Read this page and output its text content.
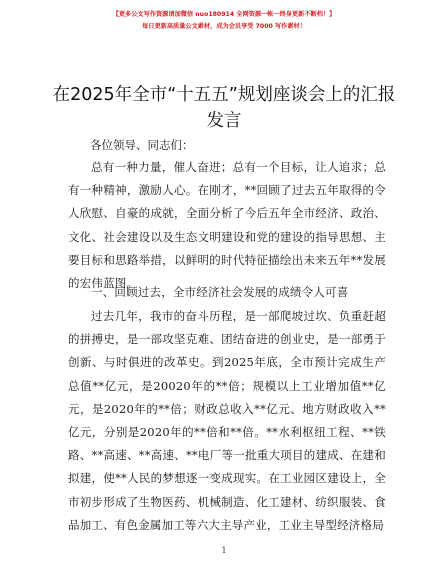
【更多公文写作资源请加微信 nuo180914 全网资源一帐一终身更新不断档！】
每日更新高质量公文素材，成为会员享受 7000 写作素材！
在2025年全市“十五五”规划座谈会上的汇报发言
各位领导、同志们：
总有一种力量，催人奋进；总有一个目标，让人追求；总有一种精神，激励人心。在刚才，**回顾了过去五年取得的令人欣慰、自豪的成就，全面分析了今后五年全市经济、政治、文化、社会建设以及生态文明建设和党的建设的指导思想、主要目标和思路举措，以鲜明的时代特征描绘出未来五年**发展的宏伟蓝图。
一、回顾过去，全市经济社会发展的成绩令人可喜
过去几年，我市的奋斗历程，是一部爬坡过坎、负重赶超的拼搏史，是一部攻坚克难、团结奋进的创业史，是一部勇于创新、与时俱进的改革史。到2025年底，全市预计完成生产总值**亿元，是20020年的**倍；规模以上工业增加值**亿元，是2020年的**倍；财政总收入**亿元、地方财政收入**亿元，分别是2020年的**倍和**倍。**水利枢纽工程、**铁路、**高速、**高速、**电厂等一批重大项目的建成、在建和拟建，使**人民的梦想逐一变成现实。在工业园区建设上，全市初步形成了生物医药、机械制造、化工建材、纺织服装、食品加工、有色金属加工等六大主导产业，工业主导型经济格局
1
